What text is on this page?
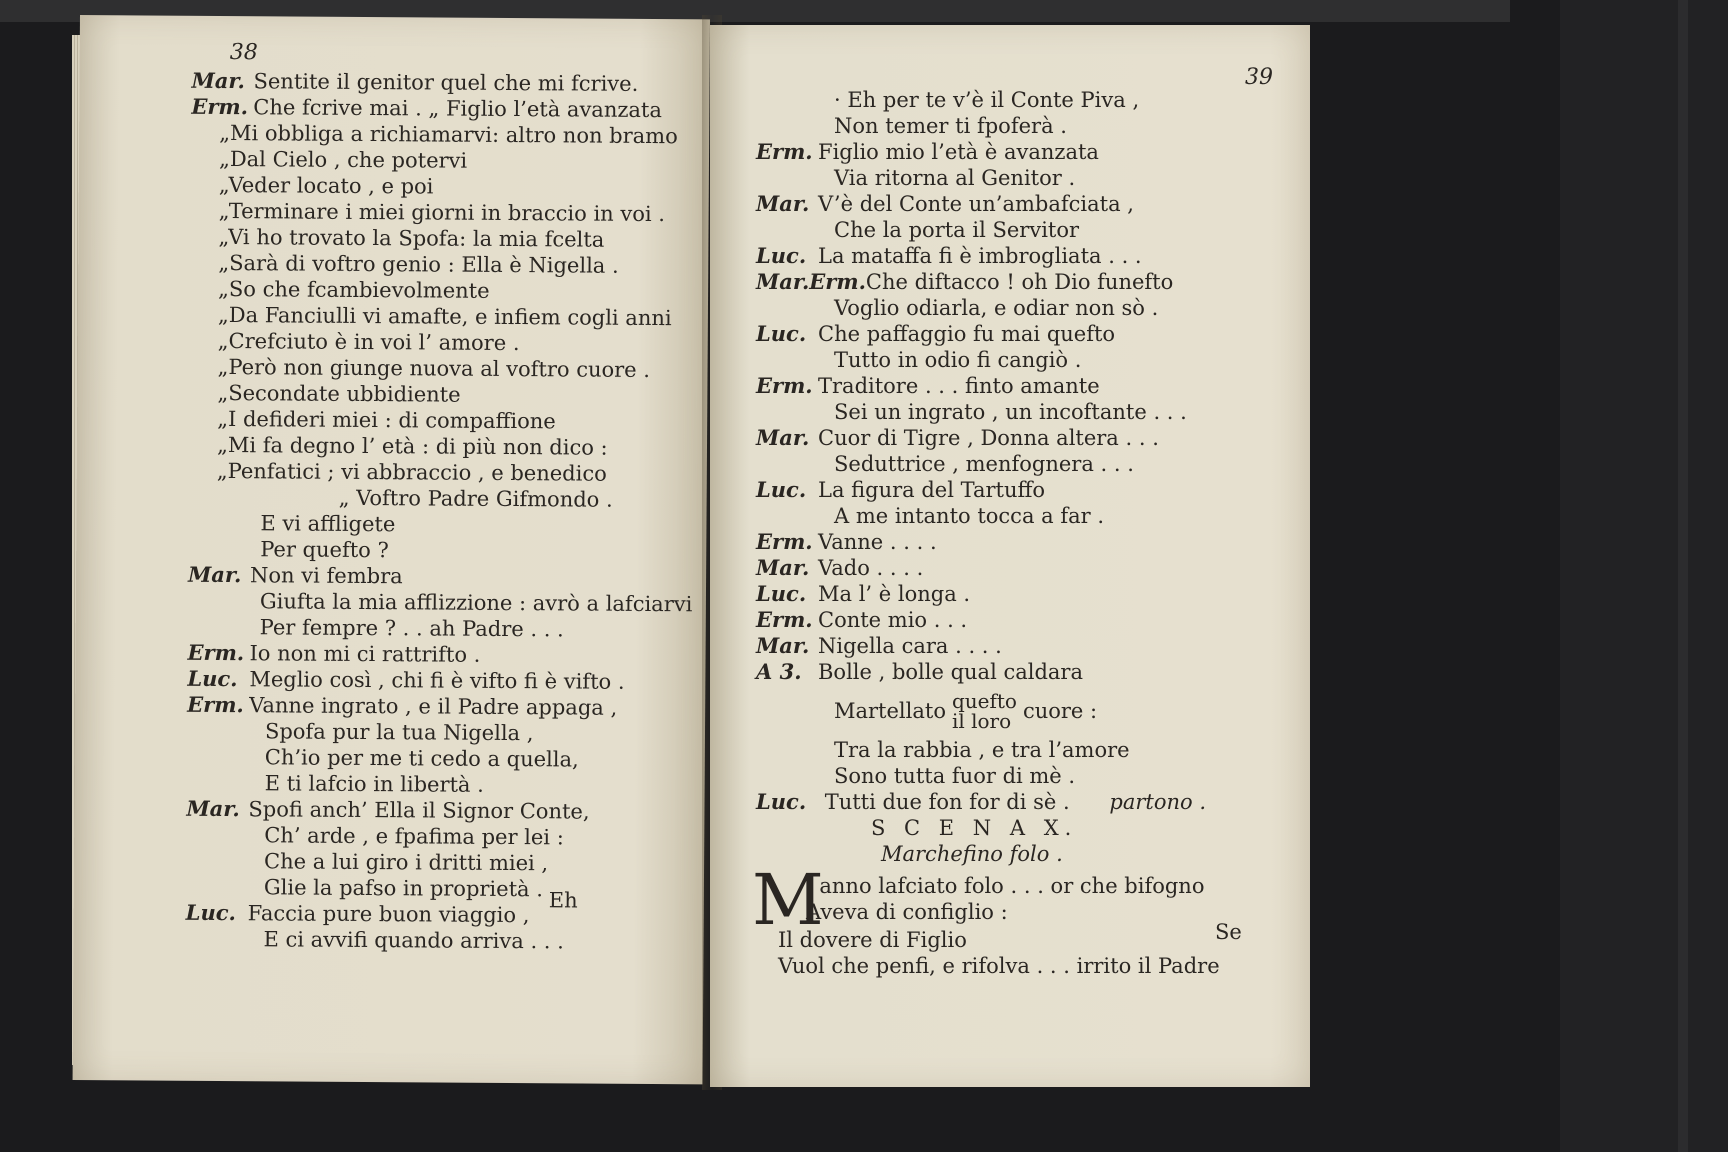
38
Mar. Sentite il genitor quel che mi fcrive.
Erm. Che fcrive mai . „ Figlio l’età avanzata
„Mi obbliga a richiamarvi: altro non bramo
„Dal Cielo , che potervi
„Veder locato , e poi
„Terminare i miei giorni in braccio in voi .
„Vi ho trovato la Spofa: la mia fcelta
„Sarà di voftro genio : Ella è Nigella .
„So che fcambievolmente
„Da Fanciulli vi amafte, e infiem cogli anni
„Crefciuto è in voi l’ amore .
„Però non giunge nuova al voftro cuore .
„Secondate ubbidiente
„I defideri miei : di compaffione
„Mi fa degno l’ età : di più non dico :
„Penfatici ; vi abbraccio , e benedico
„ Voftro Padre Gifmondo .
E vi affligete
Per quefto ?
Mar. Non vi fembra
Giufta la mia afflizzione : avrò a lafciarvi
Per fempre ? . . ah Padre . . .
Erm. Io non mi ci rattrifto .
Luc. Meglio così , chi fi è vifto fi è vifto .
Erm. Vanne ingrato , e il Padre appaga ,
Spofa pur la tua Nigella ,
Ch’io per me ti cedo a quella,
E ti lafcio in libertà .
Mar. Spofi anch’ Ella il Signor Conte,
Ch’ arde , e fpafima per lei :
Che a lui giro i dritti miei ,
Glie la pafso in proprietà .
Luc. Faccia pure buon viaggio ,
E ci avvifi quando arriva . . .
Eh
39
· Eh per te v’è il Conte Piva ,
Non temer ti fpoferà .
Erm. Figlio mio l’età è avanzata
Via ritorna al Genitor .
Mar. V’è del Conte un’ambafciata ,
Che la porta il Servitor
Luc. La mataffa fi è imbrogliata . . .
Mar.Erm.Che diftacco ! oh Dio funefto
Voglio odiarla, e odiar non sò .
Luc. Che paffaggio fu mai quefto
Tutto in odio fi cangiò .
Erm. Traditore . . . finto amante
Sei un ingrato , un incoftante . . .
Mar. Cuor di Tigre , Donna altera . . .
Seduttrice , menfognera . . .
Luc. La figura del Tartuffo
A me intanto tocca a far .
Erm. Vanne . . . .
Mar. Vado . . . .
Luc. Ma l’ è longa .
Erm. Conte mio . . .
Mar. Nigella cara . . . .
A 3. Bolle , bolle qual caldara
Martellato quefto
il loro cuore :
Tra la rabbia , e tra l’amore
Sono tutta fuor di mè .
Luc. Tutti due fon for di sè . partono .
S C E N A X.
Marchefino folo .
M
i anno lafciato folo . . . or che bifogno
Aveva di configlio :
Il dovere di Figlio
Vuol che penfi, e rifolva . . . irrito il Padre
Se
